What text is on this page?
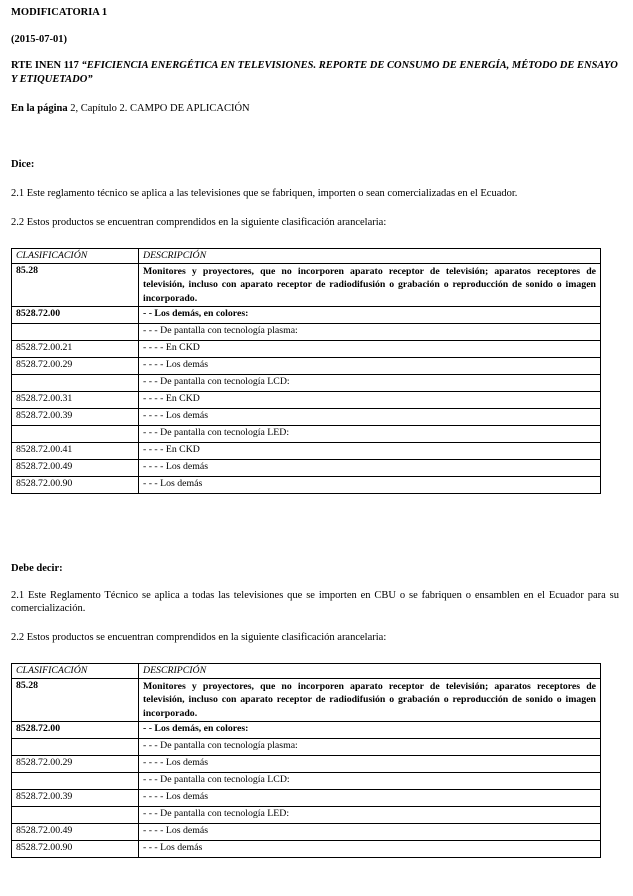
MODIFICATORIA 1
(2015-07-01)
RTE INEN 117 “EFICIENCIA ENERGÉTICA EN TELEVISIONES. REPORTE DE CONSUMO DE ENERGÍA, MÉTODO DE ENSAYO Y ETIQUETADO”
En la página 2, Capítulo 2. CAMPO DE APLICACIÓN
Dice:
2.1 Este reglamento técnico se aplica a las televisiones que se fabriquen, importen o sean comercializadas en el Ecuador.
2.2 Estos productos se encuentran comprendidos en la siguiente clasificación arancelaria:
CLASIFICACIÓN	DESCRIPCIÓN
85.28	Monitores y proyectores, que no incorporen aparato receptor de televisión; aparatos receptores de televisión, incluso con aparato receptor de radiodifusión o grabación o reproducción de sonido o imagen incorporado.
8528.72.00	- - Los demás, en colores:
	- - - De pantalla con tecnología plasma:
8528.72.00.21	- - - - En CKD
8528.72.00.29	- - - - Los demás
	- - - De pantalla con tecnología LCD:
8528.72.00.31	- - - - En CKD
8528.72.00.39	- - - - Los demás
	- - - De pantalla con tecnología LED:
8528.72.00.41	- - - - En CKD
8528.72.00.49	- - - - Los demás
8528.72.00.90	- - - Los demás
Debe decir:
2.1 Este Reglamento Técnico se aplica a todas las televisiones que se importen en CBU o se fabriquen o ensamblen en el Ecuador para su comercialización.
2.2 Estos productos se encuentran comprendidos en la siguiente clasificación arancelaria:
CLASIFICACIÓN	DESCRIPCIÓN
85.28	Monitores y proyectores, que no incorporen aparato receptor de televisión; aparatos receptores de televisión, incluso con aparato receptor de radiodifusión o grabación o reproducción de sonido o imagen incorporado.
8528.72.00	- - Los demás, en colores:
	- - - De pantalla con tecnología plasma:
8528.72.00.29	- - - - Los demás
	- - - De pantalla con tecnología LCD:
8528.72.00.39	- - - - Los demás
	- - - De pantalla con tecnología LED:
8528.72.00.49	- - - - Los demás
8528.72.00.90	- - - Los demás
